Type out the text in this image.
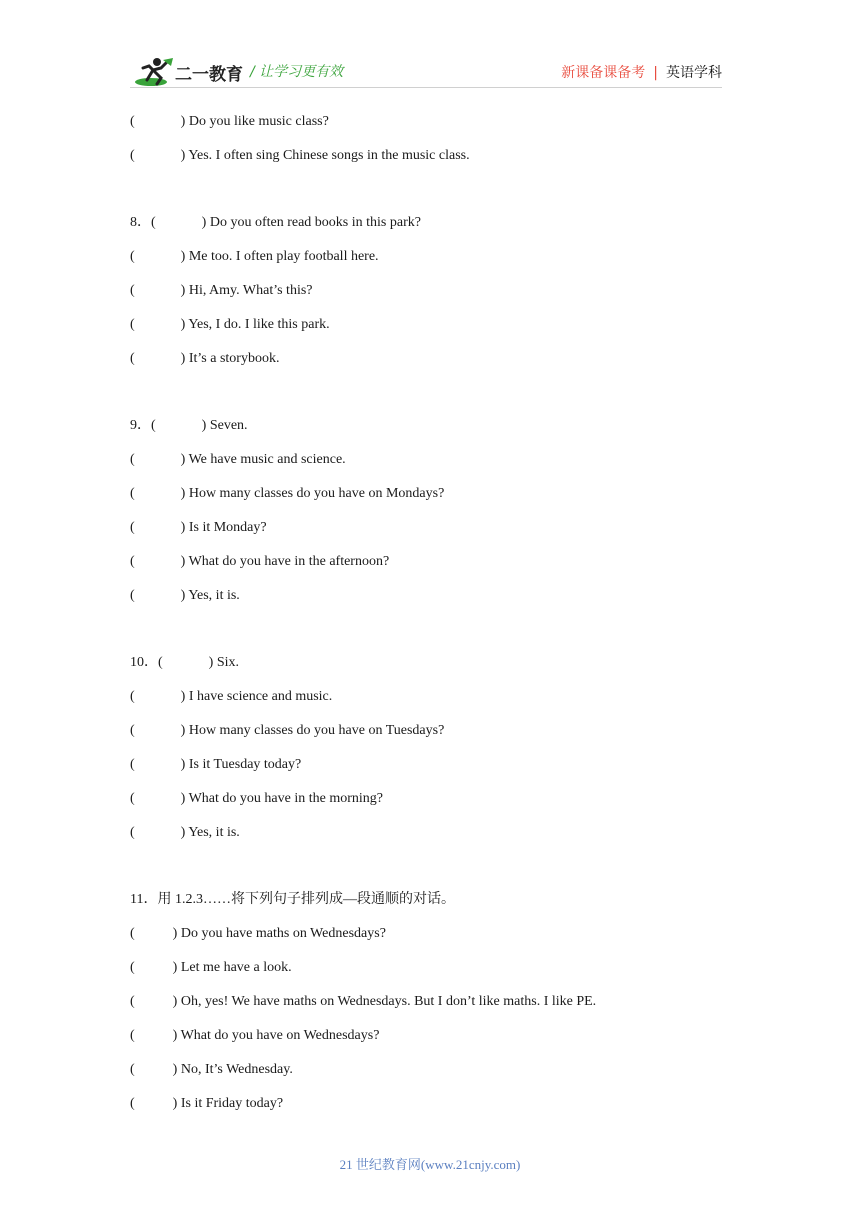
二一教育 / 让学习更有效	新课备课备考 | 英语学科
(	) Do you like music class?
(	) Yes. I often sing Chinese songs in the music class.
8．(	) Do you often read books in this park?
(	) Me too. I often play football here.
(	) Hi, Amy. What’s this?
(	) Yes, I do. I like this park.
(	) It’s a storybook.
9．(	) Seven.
(	) We have music and science.
(	) How many classes do you have on Mondays?
(	) Is it Monday?
(	) What do you have in the afternoon?
(	) Yes, it is.
10．(	) Six.
(	) I have science and music.
(	) How many classes do you have on Tuesdays?
(	) Is it Tuesday today?
(	) What do you have in the morning?
(	) Yes, it is.
11．用 1.2.3……将下列句子排列成—段通顺的对话。
(	) Do you have maths on Wednesdays?
(	) Let me have a look.
(	) Oh, yes! We have maths on Wednesdays. But I don’t like maths. I like PE.
(	) What do you have on Wednesdays?
(	) No, It’s Wednesday.
(	) Is it Friday today?
21 世纪教育网(www.21cnjy.com)
